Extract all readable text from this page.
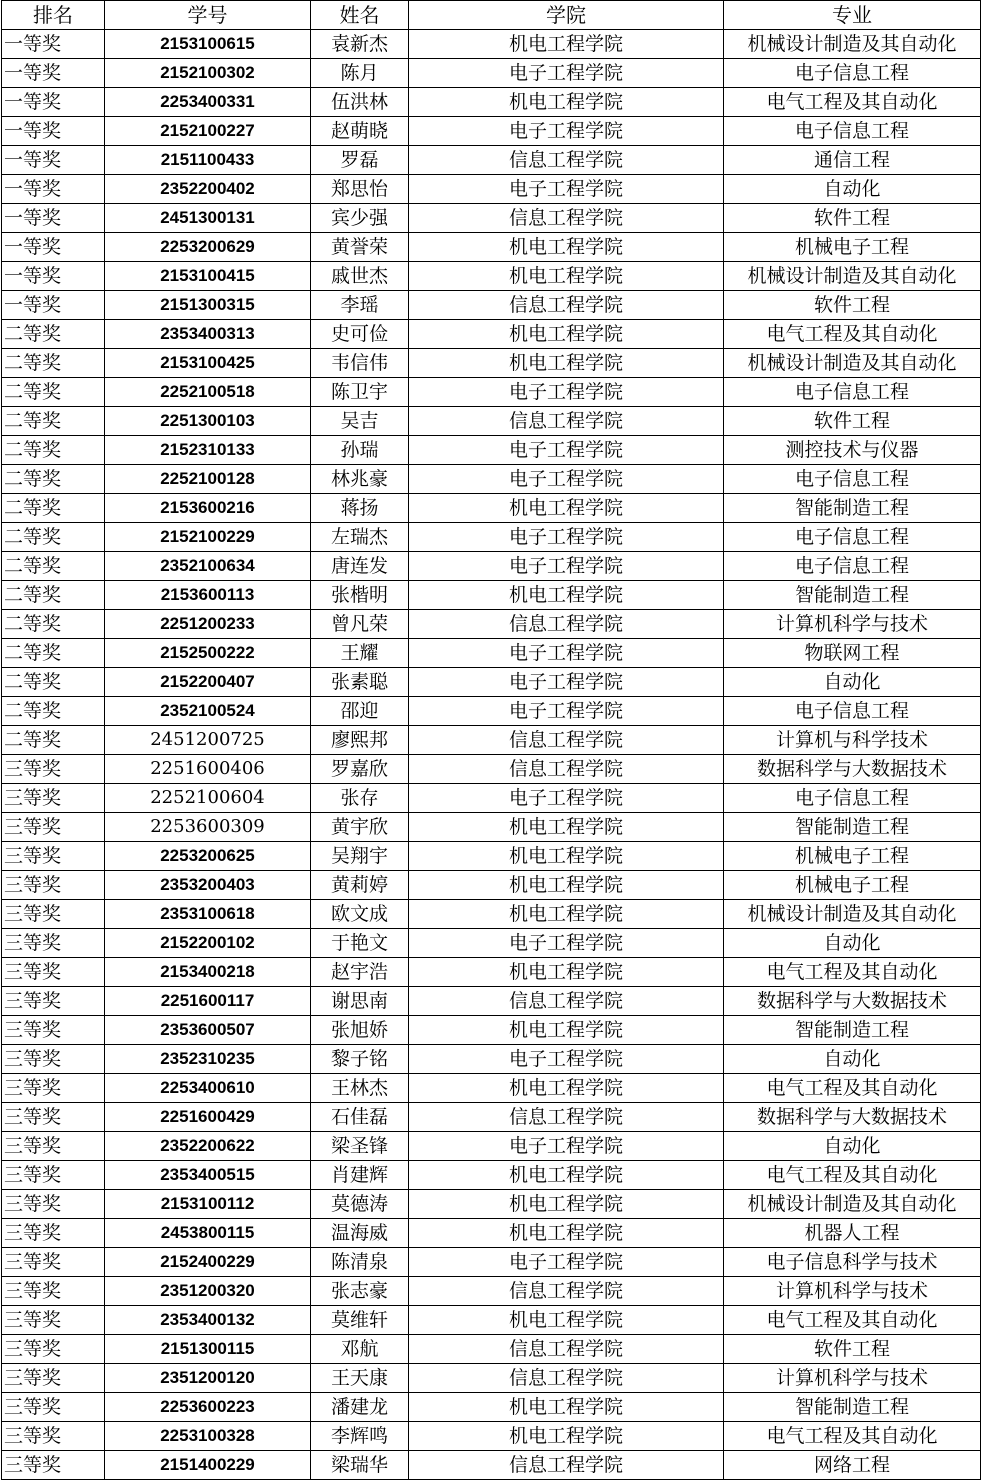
排名	学号	姓名	学院	专业
一等奖	2153100615	袁新杰	机电工程学院	机械设计制造及其自动化
一等奖	2152100302	陈月	电子工程学院	电子信息工程
一等奖	2253400331	伍洪林	机电工程学院	电气工程及其自动化
一等奖	2152100227	赵萌晓	电子工程学院	电子信息工程
一等奖	2151100433	罗磊	信息工程学院	通信工程
一等奖	2352200402	郑思怡	电子工程学院	自动化
一等奖	2451300131	宾少强	信息工程学院	软件工程
一等奖	2253200629	黄誉荣	机电工程学院	机械电子工程
一等奖	2153100415	戚世杰	机电工程学院	机械设计制造及其自动化
一等奖	2151300315	李瑶	信息工程学院	软件工程
二等奖	2353400313	史可俭	机电工程学院	电气工程及其自动化
二等奖	2153100425	韦信伟	机电工程学院	机械设计制造及其自动化
二等奖	2252100518	陈卫宇	电子工程学院	电子信息工程
二等奖	2251300103	吴吉	信息工程学院	软件工程
二等奖	2152310133	孙瑞	电子工程学院	测控技术与仪器
二等奖	2252100128	林兆豪	电子工程学院	电子信息工程
二等奖	2153600216	蒋扬	机电工程学院	智能制造工程
二等奖	2152100229	左瑞杰	电子工程学院	电子信息工程
二等奖	2352100634	唐连发	电子工程学院	电子信息工程
二等奖	2153600113	张楷明	机电工程学院	智能制造工程
二等奖	2251200233	曾凡荣	信息工程学院	计算机科学与技术
二等奖	2152500222	王耀	电子工程学院	物联网工程
二等奖	2152200407	张素聪	电子工程学院	自动化
二等奖	2352100524	邵迎	电子工程学院	电子信息工程
二等奖	2451200725	廖熙邦	信息工程学院	计算机与科学技术
三等奖	2251600406	罗嘉欣	信息工程学院	数据科学与大数据技术
三等奖	2252100604	张存	电子工程学院	电子信息工程
三等奖	2253600309	黄宇欣	机电工程学院	智能制造工程
三等奖	2253200625	吴翔宇	机电工程学院	机械电子工程
三等奖	2353200403	黄莉婷	机电工程学院	机械电子工程
三等奖	2353100618	欧文成	机电工程学院	机械设计制造及其自动化
三等奖	2152200102	于艳文	电子工程学院	自动化
三等奖	2153400218	赵宇浩	机电工程学院	电气工程及其自动化
三等奖	2251600117	谢思南	信息工程学院	数据科学与大数据技术
三等奖	2353600507	张旭娇	机电工程学院	智能制造工程
三等奖	2352310235	黎子铭	电子工程学院	自动化
三等奖	2253400610	王林杰	机电工程学院	电气工程及其自动化
三等奖	2251600429	石佳磊	信息工程学院	数据科学与大数据技术
三等奖	2352200622	梁圣锋	电子工程学院	自动化
三等奖	2353400515	肖建辉	机电工程学院	电气工程及其自动化
三等奖	2153100112	莫德涛	机电工程学院	机械设计制造及其自动化
三等奖	2453800115	温海威	机电工程学院	机器人工程
三等奖	2152400229	陈清泉	电子工程学院	电子信息科学与技术
三等奖	2351200320	张志豪	信息工程学院	计算机科学与技术
三等奖	2353400132	莫维轩	机电工程学院	电气工程及其自动化
三等奖	2151300115	邓航	信息工程学院	软件工程
三等奖	2351200120	王天康	信息工程学院	计算机科学与技术
三等奖	2253600223	潘建龙	机电工程学院	智能制造工程
三等奖	2253100328	李辉鸣	机电工程学院	电气工程及其自动化
三等奖	2151400229	梁瑞华	信息工程学院	网络工程
